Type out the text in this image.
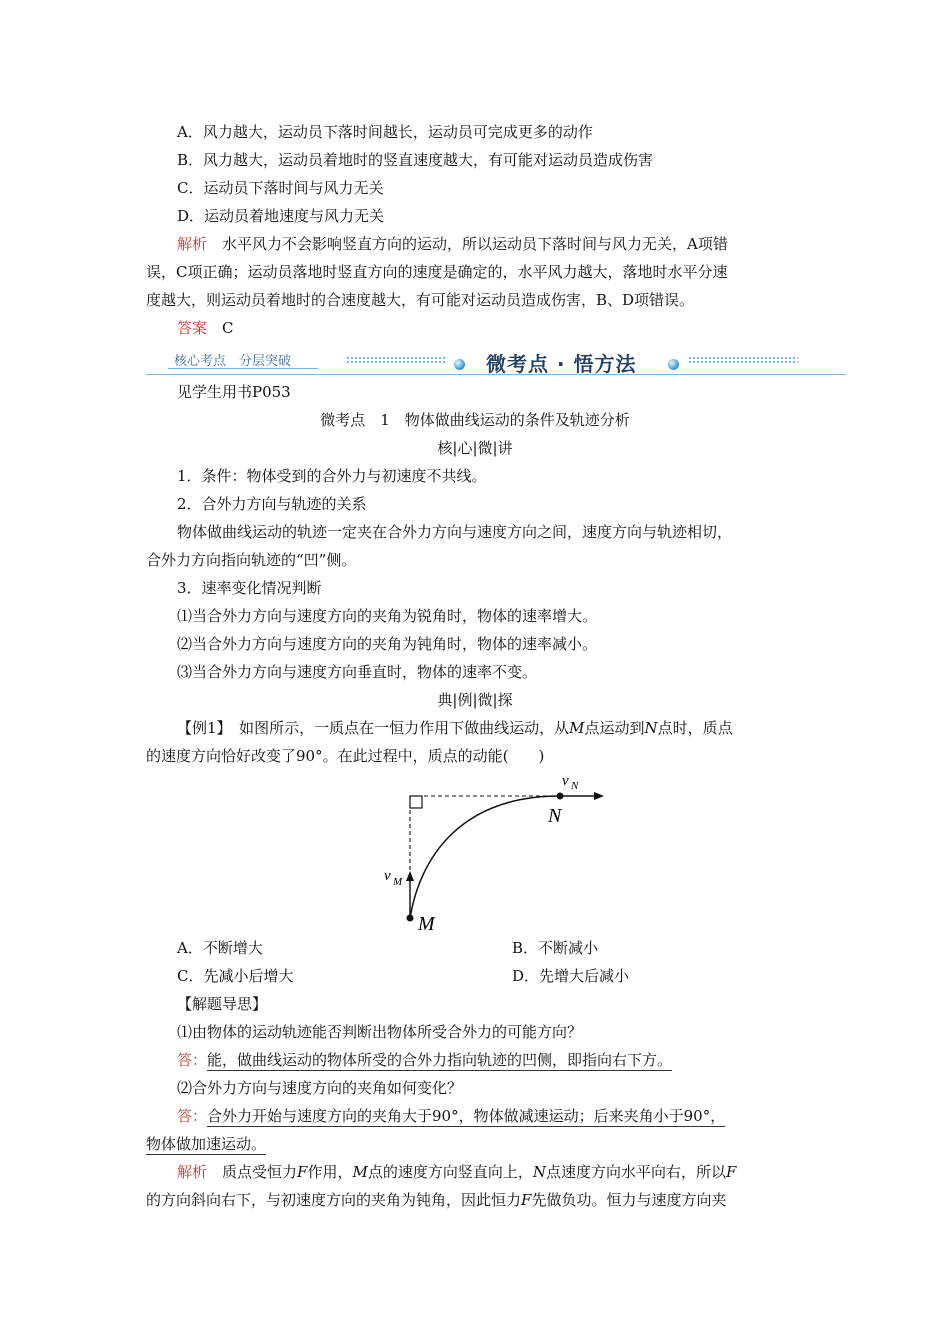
A．风力越大，运动员下落时间越长，运动员可完成更多的动作
B．风力越大，运动员着地时的竖直速度越大，有可能对运动员造成伤害
C．运动员下落时间与风力无关
D．运动员着地速度与风力无关
解析　 水平风力不会影响竖直方向的运动，所以运动员下落时间与风力无关，A项错
误，C项正确；运动员落地时竖直方向的速度是确定的，水平风力越大，落地时水平分速
度越大，则运动员着地时的合速度越大，有可能对运动员造成伤害，B、D项错误。
答案　 C
核心考点　分层突破	微考点 · 悟方法
见学生用书P053
微考点　1　物体做曲线运动的条件及轨迹分析
核|心|微|讲
1．条件：物体受到的合外力与初速度不共线。
2．合外力方向与轨迹的关系
物体做曲线运动的轨迹一定夹在合外力方向与速度方向之间，速度方向与轨迹相切，
合外力方向指向轨迹的“凹”侧。
3．速率变化情况判断
⑴当合外力方向与速度方向的夹角为锐角时，物体的速率增大。
⑵当合外力方向与速度方向的夹角为钝角时，物体的速率减小。
⑶当合外力方向与速度方向垂直时，物体的速率不变。
典|例|微|探
【例1】　 如图所示，一质点在一恒力作用下做曲线运动，从M点运动到N点时，质点
的速度方向恰好改变了90°。在此过程中，质点的动能(　　)
M
N
v M
v N
A．不断增大	B．不断减小
C．先减小后增大	D．先增大后减小
【解题导思】
⑴由物体的运动轨迹能否判断出物体所受合外力的可能方向？
答：能，做曲线运动的物体所受的合外力指向轨迹的凹侧，即指向右下方。
⑵合外力方向与速度方向的夹角如何变化？
答：合外力开始与速度方向的夹角大于90°，物体做减速运动；后来夹角小于90°，
物体做加速运动。
解析　 质点受恒力F作用，M点的速度方向竖直向上，N点速度方向水平向右，所以F
的方向斜向右下，与初速度方向的夹角为钝角，因此恒力F先做负功。恒力与速度方向夹
